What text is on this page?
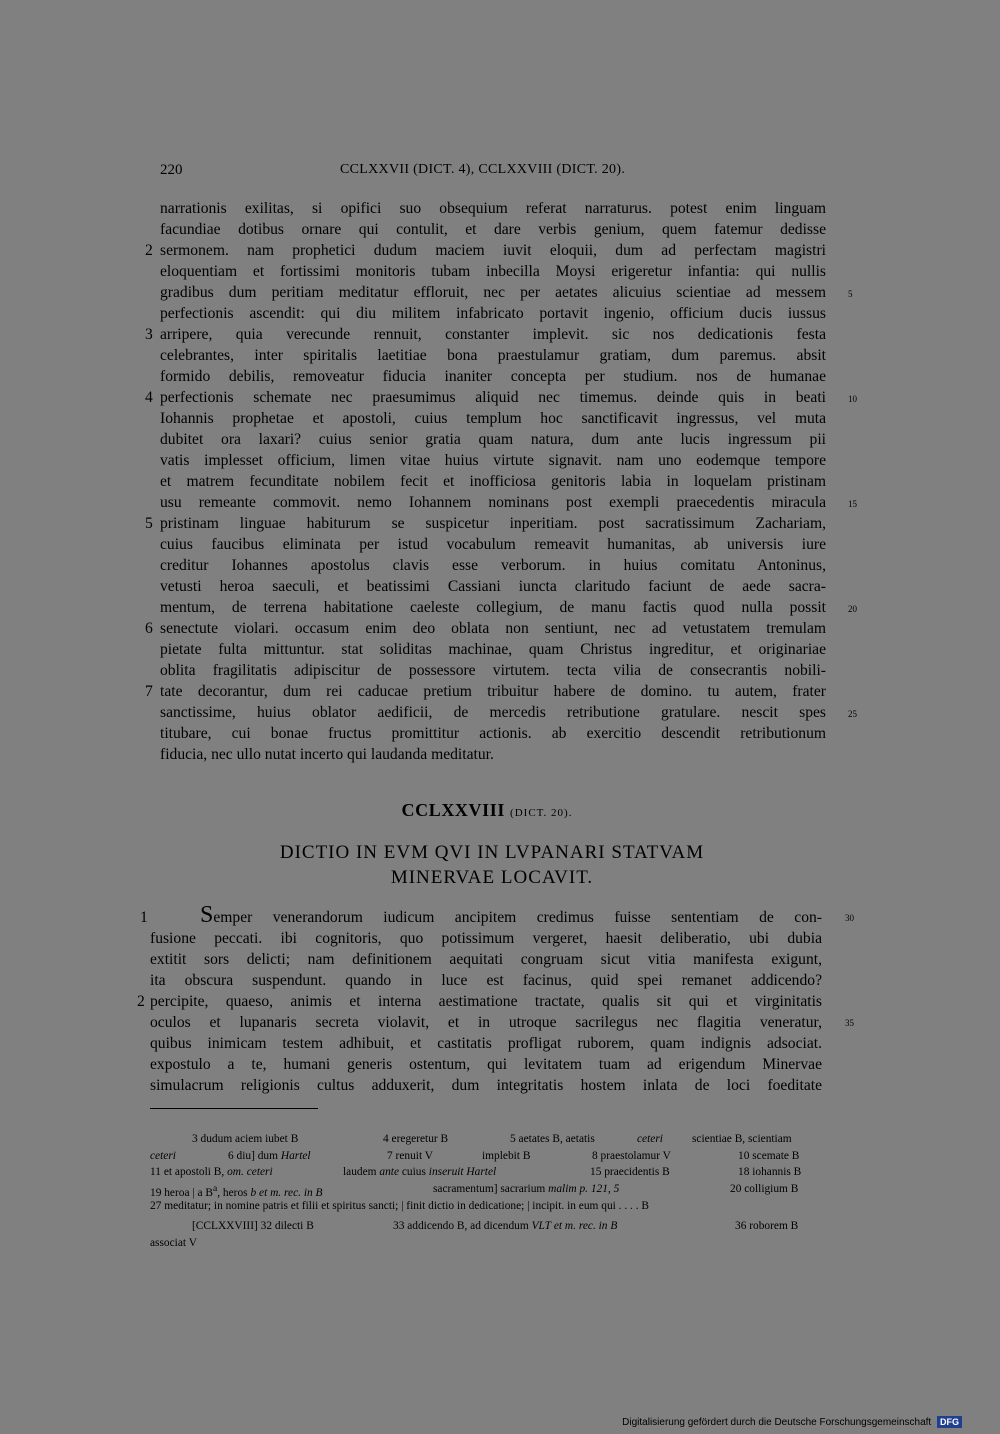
220	CCLXXVII (DICT. 4), CCLXXVIII (DICT. 20).
narrationis exilitas, si opifici suo obsequium referat narraturus. potest enim linguam
facundiae dotibus ornare qui contulit, et dare verbis genium, quem fatemur dedisse
sermonem. nam prophetici dudum maciem iuvit eloquii, dum ad perfectam magistri
eloquentiam et fortissimi monitoris tubam inbecilla Moysi erigeretur infantia: qui nullis
gradibus dum peritiam meditatur effloruit, nec per aetates alicuius scientiae ad messem
perfectionis ascendit: qui diu militem infabricato portavit ingenio, officium ducis iussus
arripere, quia verecunde rennuit, constanter implevit. sic nos dedicationis festa
celebrantes, inter spiritalis laetitiae bona praestulamur gratiam, dum paremus. absit
formido debilis, removeatur fiducia inaniter concepta per studium. nos de humanae
perfectionis schemate nec praesumimus aliquid nec timemus. deinde quis in beati
Iohannis prophetae et apostoli, cuius templum hoc sanctificavit ingressus, vel muta
dubitet ora laxari? cuius senior gratia quam natura, dum ante lucis ingressum pii
vatis implesset officium, limen vitae huius virtute signavit. nam uno eodemque tempore
et matrem fecunditate nobilem fecit et inofficiosa genitoris labia in loquelam pristinam
usu remeante commovit. nemo Iohannem nominans post exempli praecedentis miracula
pristinam linguae habiturum se suspicetur inperitiam. post sacratissimum Zachariam,
cuius faucibus eliminata per istud vocabulum remeavit humanitas, ab universis iure
creditur Iohannes apostolus clavis esse verborum. in huius comitatu Antoninus,
vetusti heroa saeculi, et beatissimi Cassiani iuncta claritudo faciunt de aede sacra-
mentum, de terrena habitatione caeleste collegium, de manu factis quod nulla possit
senectute violari. occasum enim deo oblata non sentiunt, nec ad vetustatem tremulam
pietate fulta mittuntur. stat soliditas machinae, quam Christus ingreditur, et originariae
oblita fragilitatis adipiscitur de possessore virtutem. tecta vilia de consecrantis nobili-
tate decorantur, dum rei caducae pretium tribuitur habere de domino. tu autem, frater
sanctissime, huius oblator aedificii, de mercedis retributione gratulare. nescit spes
titubare, cui bonae fructus promittitur actionis. ab exercitio descendit retributionum
fiducia, nec ullo nutat incerto qui laudanda meditatur.
2
3
4
5
6
7
5
10
15
20
25
CCLXXVIII (DICT. 20).
DICTIO IN EVM QVI IN LVPANARI STATVAM
MINERVAE LOCAVIT.
Semper venerandorum iudicum ancipitem credimus fuisse sententiam de con-
fusione peccati. ibi cognitoris, quo potissimum vergeret, haesit deliberatio, ubi dubia
extitit sors delicti; nam definitionem aequitati congruam sicut vitia manifesta exigunt,
ita obscura suspendunt. quando in luce est facinus, quid spei remanet addicendo?
percipite, quaeso, animis et interna aestimatione tractate, qualis sit qui et virginitatis
oculos et lupanaris secreta violavit, et in utroque sacrilegus nec flagitia veneratur,
quibus inimicam testem adhibuit, et castitatis profligat ruborem, quam indignis adsociat.
expostulo a te, humani generis ostentum, qui levitatem tuam ad erigendum Minervae
simulacrum religionis cultus adduxerit, dum integritatis hostem inlata de loci foeditate
1
2
30
35
3 dudum aciem iubet B	4 eregeretur B	5 aetates B, aetatis	ceteri	scientiae B, scientiam
ceteri	6 diu] dum Hartel	7 renuit V	implebit B	8 praestolamur V	10 scemate B
11 et apostoli B, om. ceteri	laudem ante cuius inseruit Hartel	15 praecidentis B	18 iohannis B
19 heroa | a $B^a$, heros b et m. rec. in B	sacramentum] sacrarium malim p. 121, 5	20 colligium B
27 meditatur; in nomine patris et filii et spiritus sancti; | finit dictio in dedicatione; | incipit. in eum qui . . . . B
[CCLXXVIII] 32 dilecti B	33 addicendo B, ad dicendum VLT et m. rec. in B	36 roborem B
associat V
Digitalisierung gefördert durch die Deutsche Forschungsgemeinschaft DFG
